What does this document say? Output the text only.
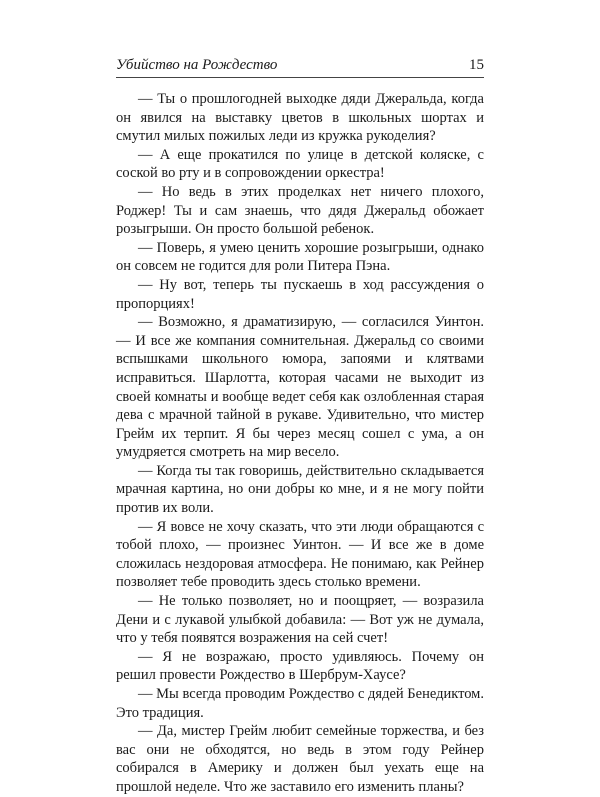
Убийство на Рождество	15

— Ты о прошлогодней выходке дяди Джеральда, когда он явился на выставку цветов в школьных шортах и смутил милых пожилых леди из кружка рукоделия?

— А еще прокатился по улице в детской коляске, с соской во рту и в сопровождении оркестра!

— Но ведь в этих проделках нет ничего плохого, Роджер! Ты и сам знаешь, что дядя Джеральд обожает розыгрыши. Он просто большой ребенок.

— Поверь, я умею ценить хорошие розыгрыши, однако он совсем не годится для роли Питера Пэна.

— Ну вот, теперь ты пускаешь в ход рассуждения о пропорциях!

— Возможно, я драматизирую, — согласился Уинтон. — И все же компания сомнительная. Джеральд со своими вспышками школьного юмора, запоями и клятвами исправиться. Шарлотта, которая часами не выходит из своей комнаты и вообще ведет себя как озлобленная старая дева с мрачной тайной в рукаве. Удивительно, что мистер Грейм их терпит. Я бы через месяц сошел с ума, а он умудряется смотреть на мир весело.

— Когда ты так говоришь, действительно складывается мрачная картина, но они добры ко мне, и я не могу пойти против их воли.

— Я вовсе не хочу сказать, что эти люди обращаются с тобой плохо, — произнес Уинтон. — И все же в доме сложилась нездоровая атмосфера. Не понимаю, как Рейнер позволяет тебе проводить здесь столько времени.

— Не только позволяет, но и поощряет, — возразила Дени и с лукавой улыбкой добавила: — Вот уж не думала, что у тебя появятся возражения на сей счет!

— Я не возражаю, просто удивляюсь. Почему он решил провести Рождество в Шербрум-Хаусе?

— Мы всегда проводим Рождество с дядей Бенедиктом. Это традиция.

— Да, мистер Грейм любит семейные торжества, и без вас они не обходятся, но ведь в этом году Рейнер собирался в Америку и должен был уехать еще на прошлой неделе. Что же заставило его изменить планы?
